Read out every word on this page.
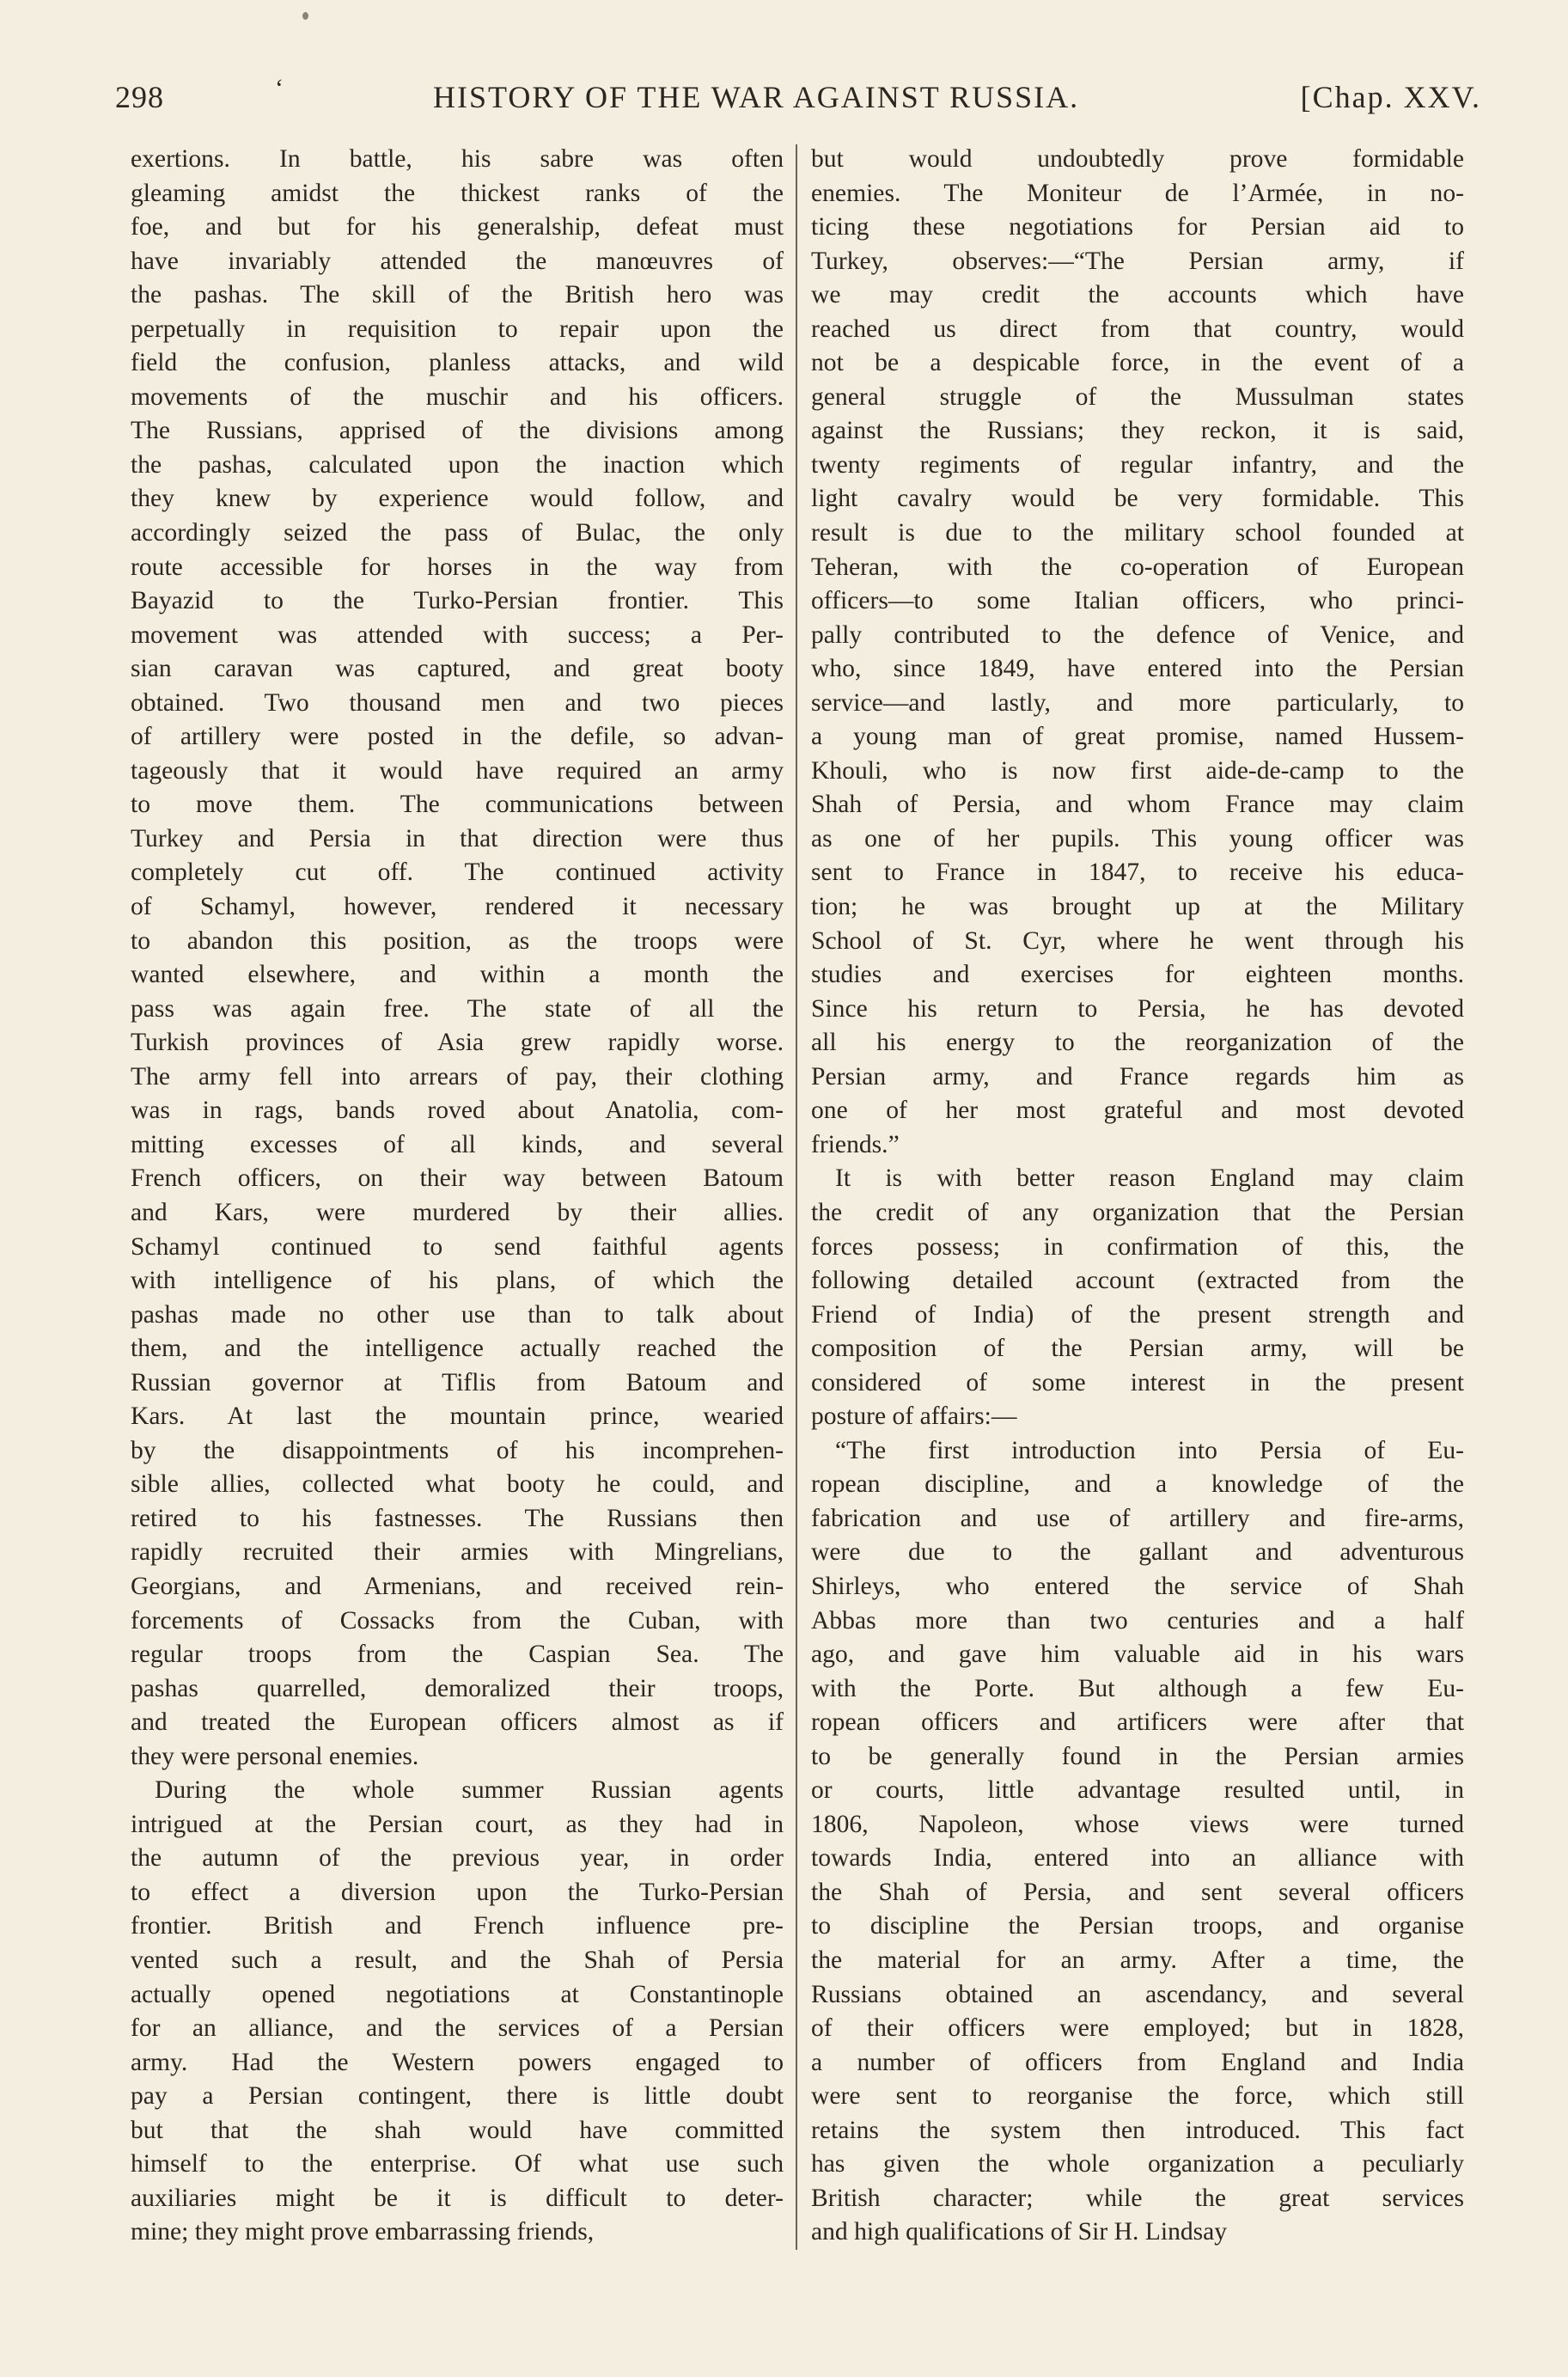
298	‘	HISTORY OF THE WAR AGAINST RUSSIA.	[Chap. XXV.
exertions. In battle, his sabre was often
gleaming amidst the thickest ranks of the
foe, and but for his generalship, defeat must
have invariably attended the manœuvres of
the pashas. The skill of the British hero was
perpetually in requisition to repair upon the
field the confusion, planless attacks, and wild
movements of the muschir and his officers.
The Russians, apprised of the divisions among
the pashas, calculated upon the inaction which
they knew by experience would follow, and
accordingly seized the pass of Bulac, the only
route accessible for horses in the way from
Bayazid to the Turko-Persian frontier. This
movement was attended with success; a Per-
sian caravan was captured, and great booty
obtained. Two thousand men and two pieces
of artillery were posted in the defile, so advan-
tageously that it would have required an army
to move them. The communications between
Turkey and Persia in that direction were thus
completely cut off. The continued activity
of Schamyl, however, rendered it necessary
to abandon this position, as the troops were
wanted elsewhere, and within a month the
pass was again free. The state of all the
Turkish provinces of Asia grew rapidly worse.
The army fell into arrears of pay, their clothing
was in rags, bands roved about Anatolia, com-
mitting excesses of all kinds, and several
French officers, on their way between Batoum
and Kars, were murdered by their allies.
Schamyl continued to send faithful agents
with intelligence of his plans, of which the
pashas made no other use than to talk about
them, and the intelligence actually reached the
Russian governor at Tiflis from Batoum and
Kars. At last the mountain prince, wearied
by the disappointments of his incomprehen-
sible allies, collected what booty he could, and
retired to his fastnesses. The Russians then
rapidly recruited their armies with Mingrelians,
Georgians, and Armenians, and received rein-
forcements of Cossacks from the Cuban, with
regular troops from the Caspian Sea. The
pashas quarrelled, demoralized their troops,
and treated the European officers almost as if
they were personal enemies.
During the whole summer Russian agents
intrigued at the Persian court, as they had in
the autumn of the previous year, in order
to effect a diversion upon the Turko-Persian
frontier. British and French influence pre-
vented such a result, and the Shah of Persia
actually opened negotiations at Constantinople
for an alliance, and the services of a Persian
army. Had the Western powers engaged to
pay a Persian contingent, there is little doubt
but that the shah would have committed
himself to the enterprise. Of what use such
auxiliaries might be it is difficult to deter-
mine; they might prove embarrassing friends,
but would undoubtedly prove formidable
enemies. The Moniteur de l’Armée, in no-
ticing these negotiations for Persian aid to
Turkey, observes:—“The Persian army, if
we may credit the accounts which have
reached us direct from that country, would
not be a despicable force, in the event of a
general struggle of the Mussulman states
against the Russians; they reckon, it is said,
twenty regiments of regular infantry, and the
light cavalry would be very formidable. This
result is due to the military school founded at
Teheran, with the co-operation of European
officers—to some Italian officers, who princi-
pally contributed to the defence of Venice, and
who, since 1849, have entered into the Persian
service—and lastly, and more particularly, to
a young man of great promise, named Hussem-
Khouli, who is now first aide-de-camp to the
Shah of Persia, and whom France may claim
as one of her pupils. This young officer was
sent to France in 1847, to receive his educa-
tion; he was brought up at the Military
School of St. Cyr, where he went through his
studies and exercises for eighteen months.
Since his return to Persia, he has devoted
all his energy to the reorganization of the
Persian army, and France regards him as
one of her most grateful and most devoted
friends.”
It is with better reason England may claim
the credit of any organization that the Persian
forces possess; in confirmation of this, the
following detailed account (extracted from the
Friend of India) of the present strength and
composition of the Persian army, will be
considered of some interest in the present
posture of affairs:—
“The first introduction into Persia of Eu-
ropean discipline, and a knowledge of the
fabrication and use of artillery and fire-arms,
were due to the gallant and adventurous
Shirleys, who entered the service of Shah
Abbas more than two centuries and a half
ago, and gave him valuable aid in his wars
with the Porte. But although a few Eu-
ropean officers and artificers were after that
to be generally found in the Persian armies
or courts, little advantage resulted until, in
1806, Napoleon, whose views were turned
towards India, entered into an alliance with
the Shah of Persia, and sent several officers
to discipline the Persian troops, and organise
the material for an army. After a time, the
Russians obtained an ascendancy, and several
of their officers were employed; but in 1828,
a number of officers from England and India
were sent to reorganise the force, which still
retains the system then introduced. This fact
has given the whole organization a peculiarly
British character; while the great services
and high qualifications of Sir H. Lindsay
